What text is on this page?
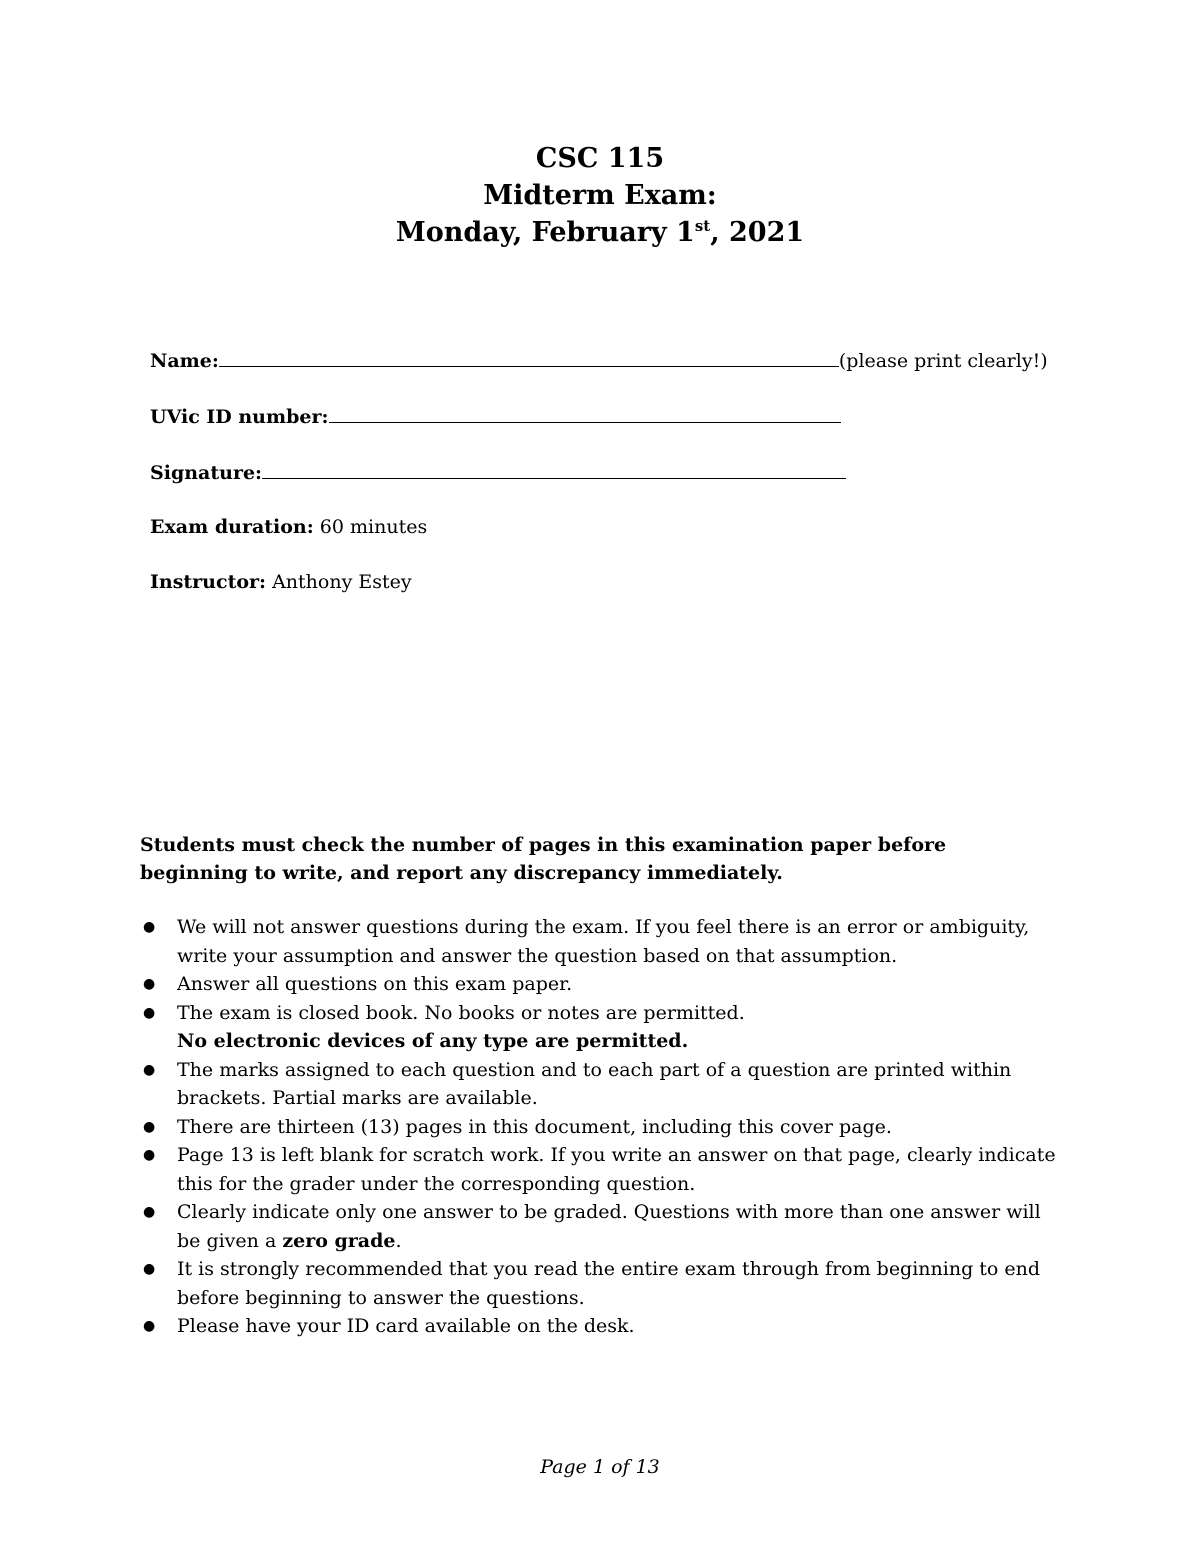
CSC 115
Midterm Exam:
Monday, February 1st, 2021
Name:	(please print clearly!)
UVic ID number:
Signature:
Exam duration: 60 minutes
Instructor: Anthony Estey
Students must check the number of pages in this examination paper before beginning to write, and report any discrepancy immediately.
● We will not answer questions during the exam. If you feel there is an error or ambiguity, write your assumption and answer the question based on that assumption.
● Answer all questions on this exam paper.
● The exam is closed book. No books or notes are permitted.
No electronic devices of any type are permitted.
● The marks assigned to each question and to each part of a question are printed within brackets. Partial marks are available.
● There are thirteen (13) pages in this document, including this cover page.
● Page 13 is left blank for scratch work. If you write an answer on that page, clearly indicate this for the grader under the corresponding question.
● Clearly indicate only one answer to be graded. Questions with more than one answer will be given a zero grade.
● It is strongly recommended that you read the entire exam through from beginning to end before beginning to answer the questions.
● Please have your ID card available on the desk.
Page 1 of 13
